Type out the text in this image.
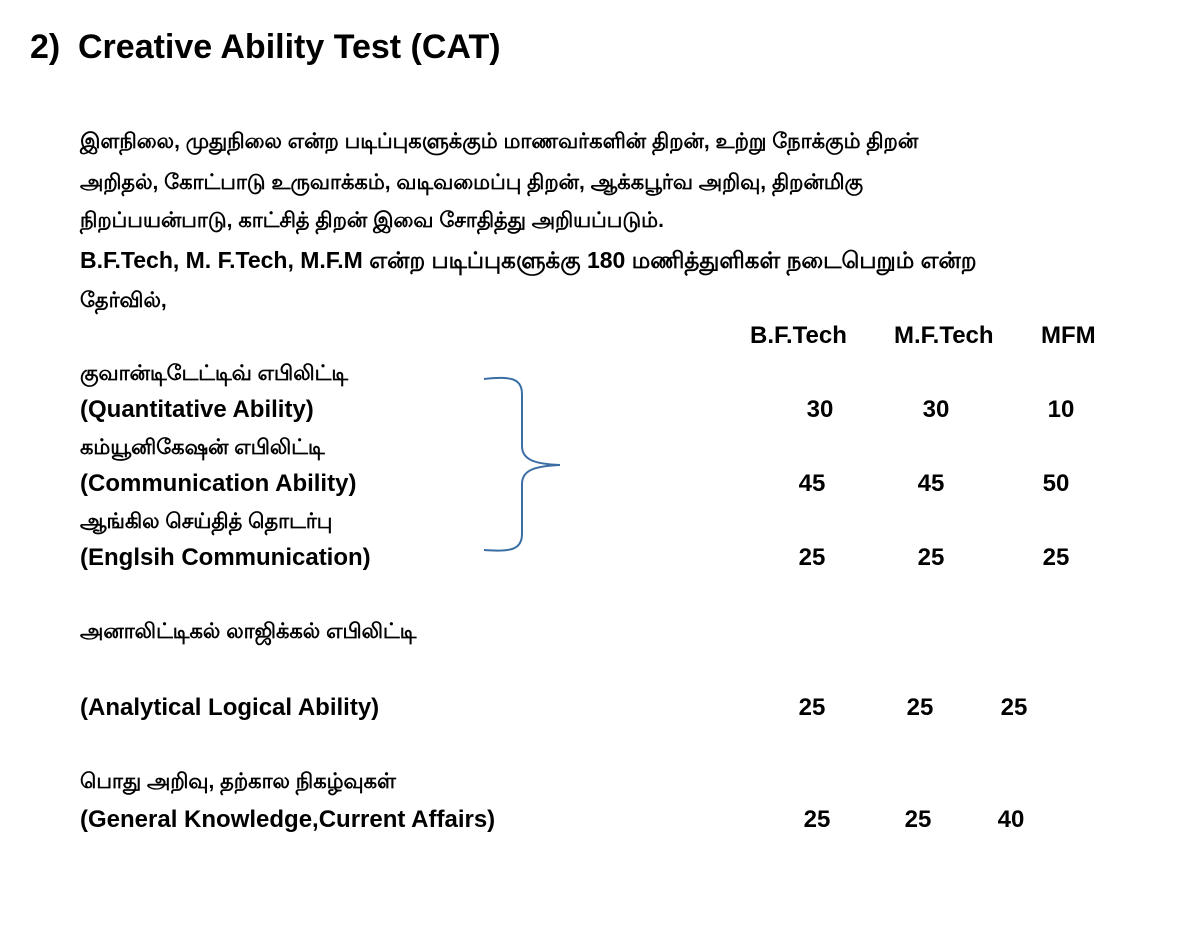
2) Creative Ability Test (CAT)
இளநிலை, முதுநிலை என்ற படிப்புகளுக்கும் மாணவர்களின் திறன், உற்று நோக்கும் திறன்
அறிதல், கோட்பாடு உருவாக்கம், வடிவமைப்பு திறன், ஆக்கபூர்வ அறிவு, திறன்மிகு
நிறப்பயன்பாடு, காட்சித் திறன் இவை சோதித்து அறியப்படும்.
B.F.Tech, M. F.Tech, M.F.M என்ற படிப்புகளுக்கு 180 மணித்துளிகள் நடைபெறும் என்ற
தேர்வில்,
B.F.Tech M.F.Tech MFM
குவான்டிடேட்டிவ் எபிலிட்டி
(Quantitative Ability)	30	30	10
கம்யூனிகேஷன் எபிலிட்டி
(Communication Ability)	45	45	50
ஆங்கில செய்தித் தொடர்பு
(Englsih Communication)	25	25	25
அனாலிட்டிகல் லாஜிக்கல் எபிலிட்டி
(Analytical Logical Ability)	25	25	25
பொது அறிவு, தற்கால நிகழ்வுகள்
(General Knowledge,Current Affairs)	25	25	40
